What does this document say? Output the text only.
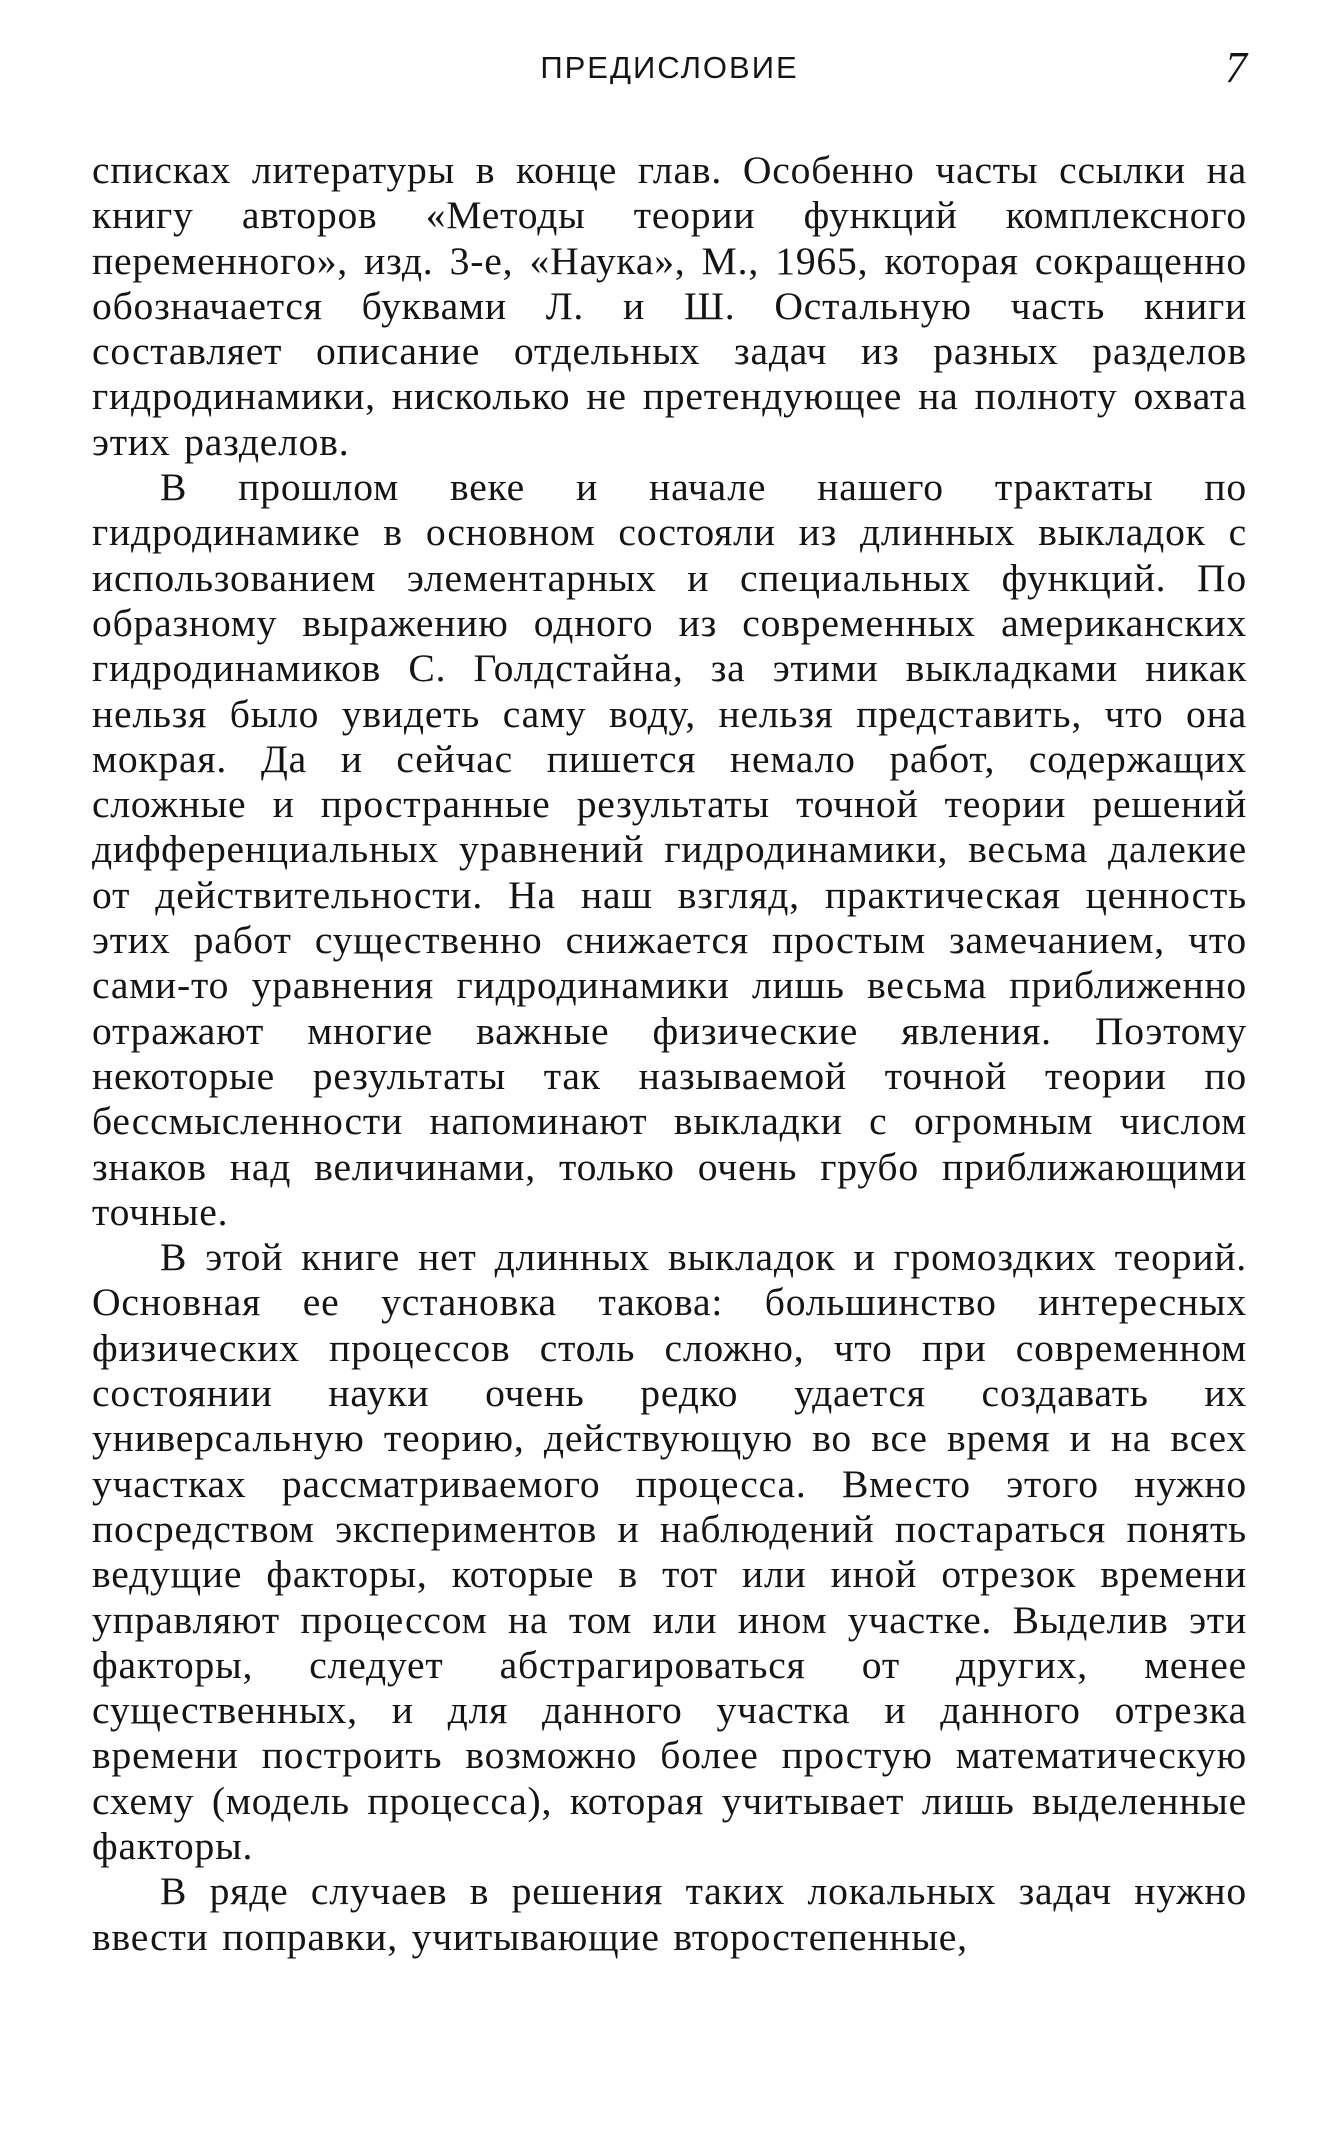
ПРЕДИСЛОВИЕ	7

списках литературы в конце глав. Особенно часты ссылки на книгу авторов «Методы теории функций комплексного переменного», изд. 3-е, «Наука», М., 1965, которая сокращенно обозначается буквами Л. и Ш. Остальную часть книги составляет описание отдельных задач из разных разделов гидродинамики, нисколько не претендующее на полноту охвата этих разделов.

В прошлом веке и начале нашего трактаты по гидродинамике в основном состояли из длинных выкладок с использованием элементарных и специальных функций. По образному выражению одного из современных американских гидродинамиков С. Голдстайна, за этими выкладками никак нельзя было увидеть саму воду, нельзя представить, что она мокрая. Да и сейчас пишется немало работ, содержащих сложные и пространные результаты точной теории решений дифференциальных уравнений гидродинамики, весьма далекие от действительности. На наш взгляд, практическая ценность этих работ существенно снижается простым замечанием, что сами-то уравнения гидродинамики лишь весьма приближенно отражают многие важные физические явления. Поэтому некоторые результаты так называемой точной теории по бессмысленности напоминают выкладки с огромным числом знаков над величинами, только очень грубо приближающими точные.

В этой книге нет длинных выкладок и громоздких теорий. Основная ее установка такова: большинство интересных физических процессов столь сложно, что при современном состоянии науки очень редко удается создавать их универсальную теорию, действующую во все время и на всех участках рассматриваемого процесса. Вместо этого нужно посредством экспериментов и наблюдений постараться понять ведущие факторы, которые в тот или иной отрезок времени управляют процессом на том или ином участке. Выделив эти факторы, следует абстрагироваться от других, менее существенных, и для данного участка и данного отрезка времени построить возможно более простую математическую схему (модель процесса), которая учитывает лишь выделенные факторы.

В ряде случаев в решения таких локальных задач нужно ввести поправки, учитывающие второстепенные,
